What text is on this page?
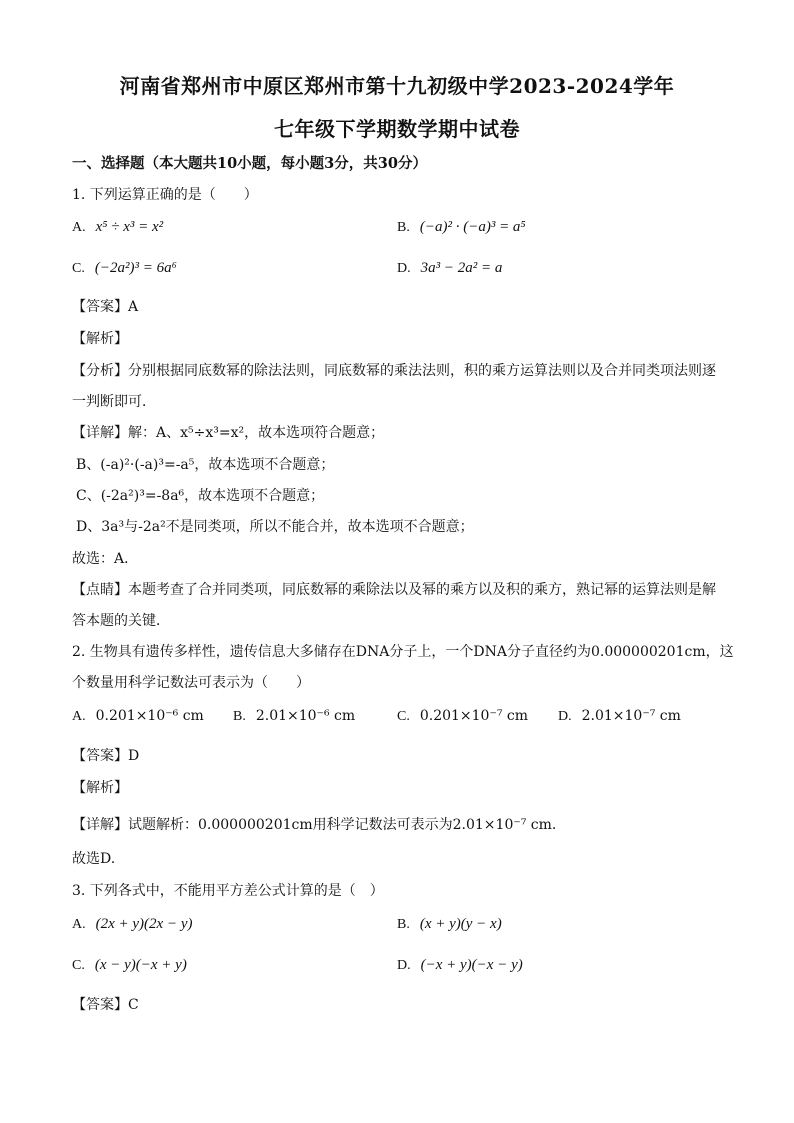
河南省郑州市中原区郑州市第十九初级中学2023-2024学年
七年级下学期数学期中试卷
一、选择题（本大题共10小题，每小题3分，共30分）
1. 下列运算正确的是（　　）
A. x⁵ ÷ x³ = x²	B. (−a)² · (−a)³ = a⁵
C. (−2a²)³ = 6a⁶	D. 3a³ − 2a² = a
【答案】A
【解析】
【分析】分别根据同底数幂的除法法则，同底数幂的乘法法则，积的乘方运算法则以及合并同类项法则逐
一判断即可．
【详解】解：A、x⁵÷x³=x²，故本选项符合题意；
B、(-a)²·(-a)³=-a⁵，故本选项不合题意；
C、(-2a²)³=-8a⁶，故本选项不合题意；
D、3a³与-2a²不是同类项，所以不能合并，故本选项不合题意；
故选：A．
【点睛】本题考查了合并同类项，同底数幂的乘除法以及幂的乘方以及积的乘方，熟记幂的运算法则是解
答本题的关键．
2. 生物具有遗传多样性，遗传信息大多储存在DNA分子上，一个DNA分子直径约为0.000000201cm，这
个数量用科学记数法可表示为（　　）
A. 0.201×10⁻⁶ cm B. 2.01×10⁻⁶ cm	C. 0.201×10⁻⁷ cm D. 2.01×10⁻⁷ cm
【答案】D
【解析】
【详解】试题解析：0.000000201cm用科学记数法可表示为2.01×10⁻⁷ cm.
故选D.
3. 下列各式中，不能用平方差公式计算的是（　）
A. (2x + y)(2x − y)	B. (x + y)(y − x)
C. (x − y)(−x + y)	D. (−x + y)(−x − y)
【答案】C
